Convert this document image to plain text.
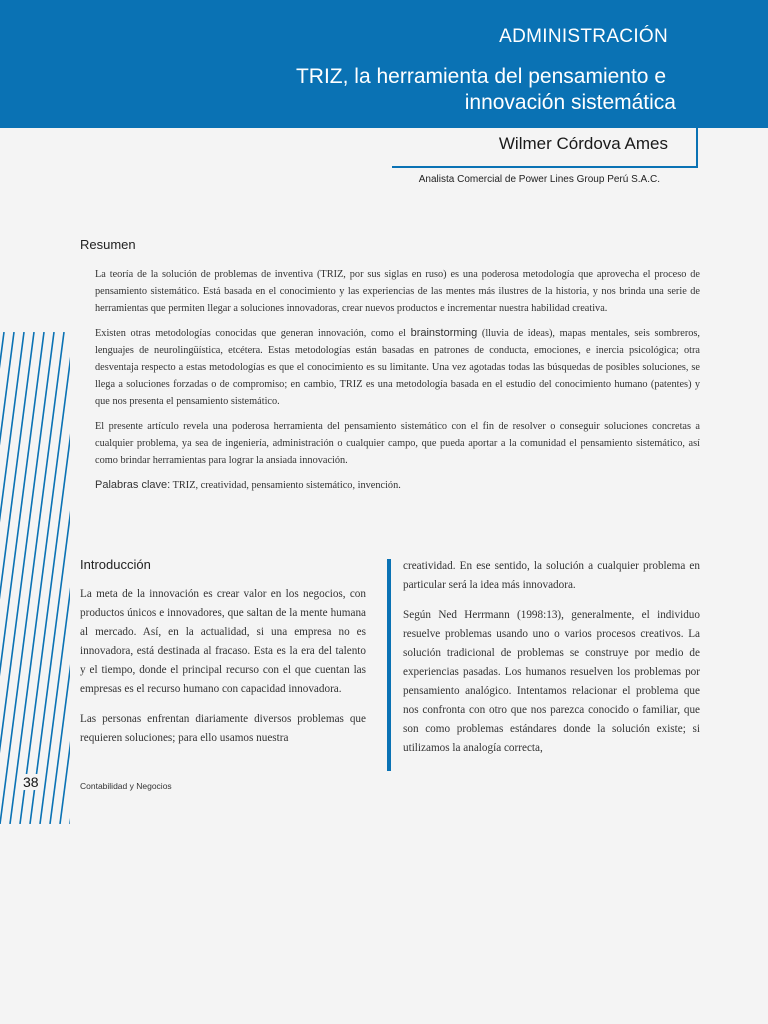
ADMINISTRACIÓN
TRIZ, la herramienta del pensamiento e
innovación sistemática
Wilmer Córdova Ames
Analista Comercial de Power Lines Group Perú S.A.C.
Resumen

La teoría de la solución de problemas de inventiva (TRIZ, por sus siglas en ruso) es una poderosa metodología que aprovecha el proceso de pensamiento sistemático. Está basada en el conocimiento y las experiencias de las mentes más ilustres de la historia, y nos brinda una serie de herramientas que permiten llegar a soluciones innovadoras, crear nuevos productos e incrementar nuestra habilidad creativa.

Existen otras metodologías conocidas que generan innovación, como el brainstorming (lluvia de ideas), mapas mentales, seis sombreros, lenguajes de neurolingüística, etcétera. Estas metodologías están basadas en patrones de conducta, emociones, e inercia psicológica; otra desventaja respecto a estas metodologías es que el conocimiento es su limitante. Una vez agotadas todas las búsquedas de posibles soluciones, se llega a soluciones forzadas o de compromiso; en cambio, TRIZ es una metodología basada en el estudio del conocimiento humano (patentes) y que nos presenta el pensamiento sistemático.

El presente artículo revela una poderosa herramienta del pensamiento sistemático con el fin de resolver o conseguir soluciones concretas a cualquier problema, ya sea de ingeniería, administración o cualquier campo, que pueda aportar a la comunidad el pensamiento sistemático, así como brindar herramientas para lograr la ansiada innovación.

Palabras clave: TRIZ, creatividad, pensamiento sistemático, invención.

Introducción

La meta de la innovación es crear valor en los negocios, con productos únicos e innovadores, que saltan de la mente humana al mercado. Así, en la actualidad, si una empresa no es innovadora, está destinada al fracaso. Esta es la era del talento y el tiempo, donde el principal recurso con el que cuentan las empresas es el recurso humano con capacidad innovadora.

Las personas enfrentan diariamente diversos problemas que requieren soluciones; para ello usamos nuestra

creatividad. En ese sentido, la solución a cualquier problema en particular será la idea más innovadora.

Según Ned Herrmann (1998:13), generalmente, el individuo resuelve problemas usando uno o varios procesos creativos. La solución tradicional de problemas se construye por medio de experiencias pasadas. Los humanos resuelven los problemas por pensamiento analógico. Intentamos relacionar el problema que nos confronta con otro que nos parezca conocido o familiar, que son como problemas estándares donde la solución existe; si utilizamos la analogía correcta,

38	Contabilidad y Negocios
